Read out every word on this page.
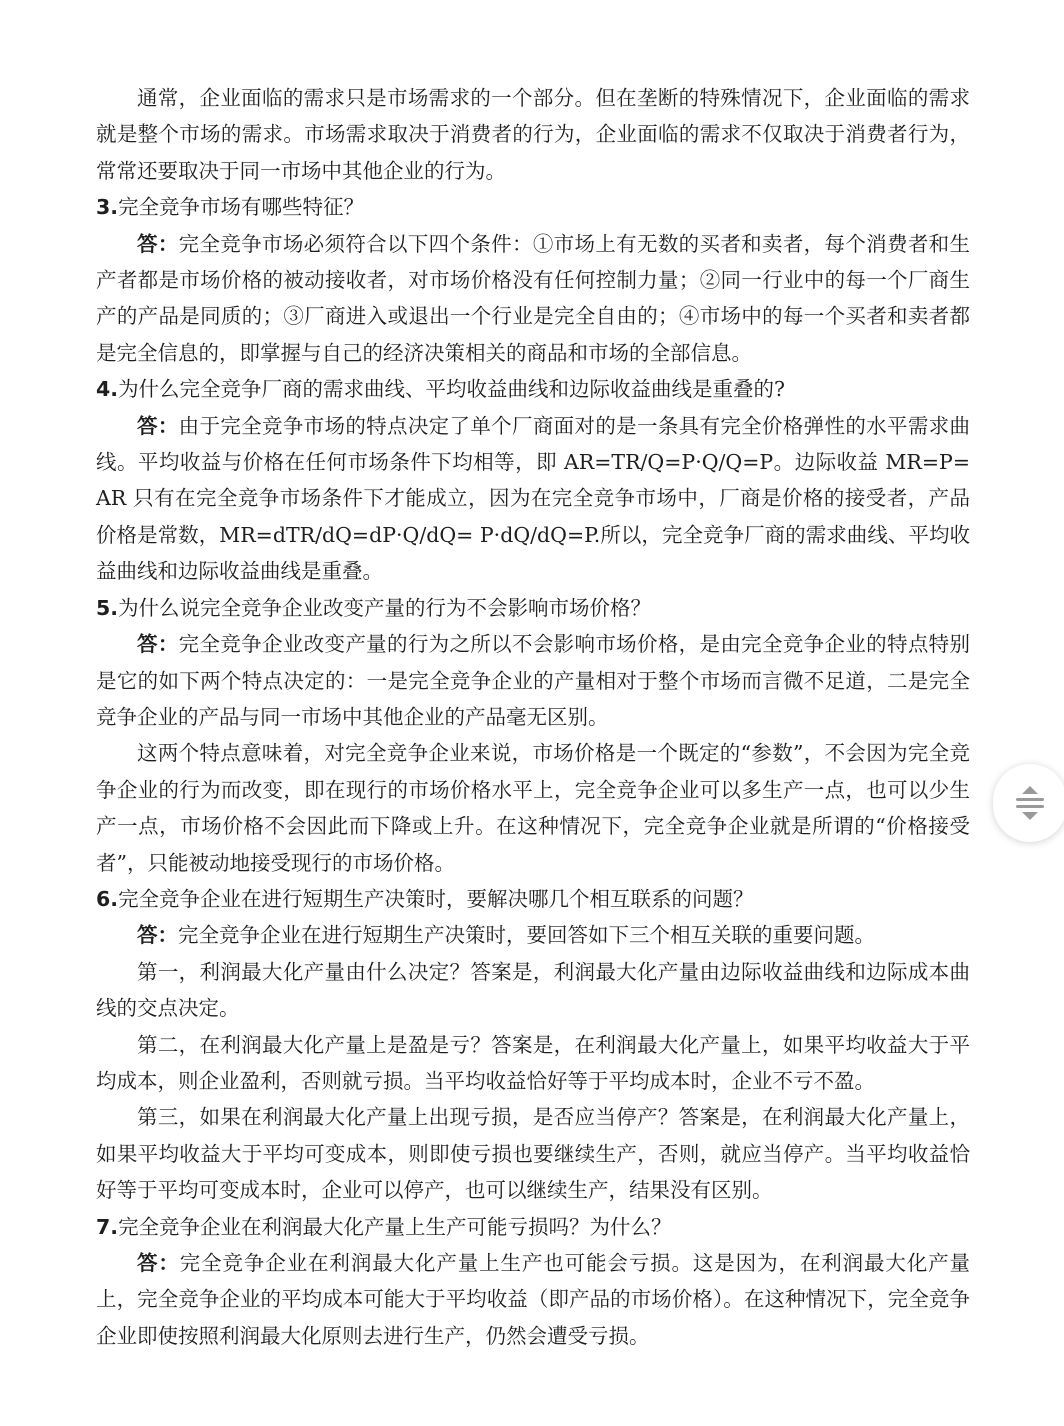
通常，企业面临的需求只是市场需求的一个部分。但在垄断的特殊情况下，企业面临的需求就是整个市场的需求。市场需求取决于消费者的行为，企业面临的需求不仅取决于消费者行为，常常还要取决于同一市场中其他企业的行为。

3.完全竞争市场有哪些特征？

答：完全竞争市场必须符合以下四个条件：①市场上有无数的买者和卖者，每个消费者和生产者都是市场价格的被动接收者，对市场价格没有任何控制力量；②同一行业中的每一个厂商生产的产品是同质的；③厂商进入或退出一个行业是完全自由的；④市场中的每一个买者和卖者都是完全信息的，即掌握与自己的经济决策相关的商品和市场的全部信息。

4.为什么完全竞争厂商的需求曲线、平均收益曲线和边际收益曲线是重叠的?

答：由于完全竞争市场的特点决定了单个厂商面对的是一条具有完全价格弹性的水平需求曲线。平均收益与价格在任何市场条件下均相等，即 AR=TR/Q=P·Q/Q=P。边际收益 MR=P=AR 只有在完全竞争市场条件下才能成立，因为在完全竞争市场中，厂商是价格的接受者，产品价格是常数，MR=dTR/dQ=dP·Q/dQ= P·dQ/dQ=P.所以，完全竞争厂商的需求曲线、平均收益曲线和边际收益曲线是重叠。

5.为什么说完全竞争企业改变产量的行为不会影响市场价格？

答：完全竞争企业改变产量的行为之所以不会影响市场价格，是由完全竞争企业的特点特别是它的如下两个特点决定的：一是完全竞争企业的产量相对于整个市场而言微不足道，二是完全竞争企业的产品与同一市场中其他企业的产品毫无区别。

这两个特点意味着，对完全竞争企业来说，市场价格是一个既定的“参数”，不会因为完全竞争企业的行为而改变，即在现行的市场价格水平上，完全竞争企业可以多生产一点，也可以少生产一点，市场价格不会因此而下降或上升。在这种情况下，完全竞争企业就是所谓的“价格接受者”，只能被动地接受现行的市场价格。

6.完全竞争企业在进行短期生产决策时，要解决哪几个相互联系的问题？

答：完全竞争企业在进行短期生产决策时，要回答如下三个相互关联的重要问题。

第一，利润最大化产量由什么决定？答案是，利润最大化产量由边际收益曲线和边际成本曲线的交点决定。

第二，在利润最大化产量上是盈是亏？答案是，在利润最大化产量上，如果平均收益大于平均成本，则企业盈利，否则就亏损。当平均收益恰好等于平均成本时，企业不亏不盈。

第三，如果在利润最大化产量上出现亏损，是否应当停产？答案是，在利润最大化产量上，如果平均收益大于平均可变成本，则即使亏损也要继续生产，否则，就应当停产。当平均收益恰好等于平均可变成本时，企业可以停产，也可以继续生产，结果没有区别。

7.完全竞争企业在利润最大化产量上生产可能亏损吗？为什么？

答：完全竞争企业在利润最大化产量上生产也可能会亏损。这是因为，在利润最大化产量上，完全竞争企业的平均成本可能大于平均收益（即产品的市场价格）。在这种情况下，完全竞争企业即使按照利润最大化原则去进行生产，仍然会遭受亏损。
